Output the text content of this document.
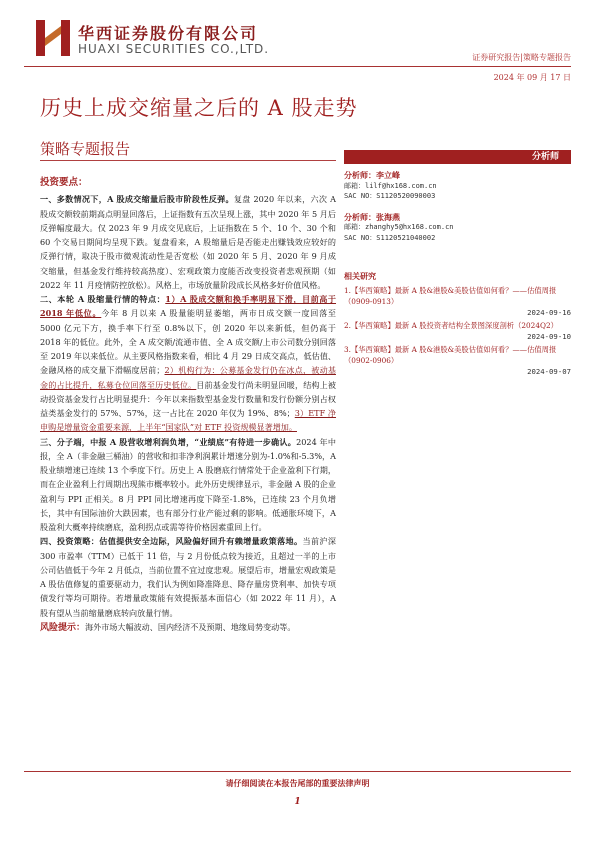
华西证券股份有限公司
HUAXI SECURITIES CO.,LTD.
证券研究报告|策略专题报告
2024 年 09 月 17 日
历史上成交缩量之后的 A 股走势
策略专题报告
投资要点：

一、多数情况下，A 股成交缩量后股市阶段性反弹。复盘 2020 年以来，六次 A 股成交额较前期高点明显回落后，上证指数有五次呈现上涨，其中 2020 年 5 月后反弹幅度最大。仅 2023 年 9 月成交见底后，上证指数在 5 个、10 个、30 个和 60 个交易日期间均呈现下跌。复盘看来，A 股缩量后是否能走出赚钱效应较好的反弹行情，取决于股市微观流动性是否宽松（如 2020 年 5 月、2020 年 9 月成交缩量，但基金发行维持较高热度）、宏观政策力度能否改变投资者悲观预期（如 2022 年 11 月疫情防控放松）。风格上，市场放量阶段成长风格多好价值风格。

二、本轮 A 股缩量行情的特点：1）A 股成交额和换手率明显下滑，目前高于 2018 年低位。今年 8 月以来 A 股量能明显萎缩，两市日成交额一度回落至 5000 亿元下方，换手率下行至 0.8%以下，创 2020 年以来新低，但仍高于 2018 年的低位。此外，全 A 成交额/流通市值、全 A 成交额/上市公司数分别回落至 2019 年以来低位。从主要风格指数来看，相比 4 月 29 日成交高点，低估值、金融风格的成交量下滑幅度居前；2）机构行为：公募基金发行仍在冰点，被动基金的占比提升，私募仓位回落至历史低位。目前基金发行尚未明显回暖，结构上被动投资基金发行占比明显提升：今年以来指数型基金发行数量和发行份额分别占权益类基金发行的 57%、57%，这一占比在 2020 年仅为 19%、8%；3）ETF 净申购是增量资金重要来源，上半年“国家队”对 ETF 投资规模显著增加。

三、分子端，中报 A 股营收增利润负增，“业绩底”有待进一步确认。2024 年中报，全 A（非金融三桶油）的营收和扣非净利润累计增速分别为-1.0%和-5.3%，A 股业绩增速已连续 13 个季度下行。历史上 A 股磨底行情常处于企业盈利下行期，而在企业盈利上行周期出现熊市概率较小。此外历史规律显示，非金融 A 股的企业盈利与 PPI 正相关。8 月 PPI 同比增速再度下降至-1.8%，已连续 23 个月负增长，其中有国际油价大跌因素，也有部分行业产能过剩的影响。低通胀环境下，A 股盈利大概率持续磨底，盈利拐点或需等待价格因素重回上行。

四、投资策略：估值提供安全边际，风险偏好回升有赖增量政策落地。当前沪深 300 市盈率（TTM）已低于 11 倍，与 2 月份低点较为接近，且超过一半的上市公司估值低于今年 2 月低点，当前位置不宜过度悲观。展望后市，增量宏观政策是 A 股估值修复的重要驱动力，我们认为例如降准降息、降存量房贷利率、加快专项债发行等均可期待。若增量政策能有效提振基本面信心（如 2022 年 11 月），A 股有望从当前缩量磨底转向放量行情。

风险提示：海外市场大幅波动、国内经济不及预期、地缘局势变动等。

分析师
分析师：李立峰
邮箱：lilf@hx168.com.cn
SAC NO：S1120520090003
分析师：张海燕
邮箱：zhanghy5@hx168.com.cn
SAC NO：S1120521040002
相关研究
1.【华西策略】最新 A 股&港股&美股估值如何看？——估值周报（0909-0913）
2024-09-16
2.【华西策略】最新 A 股投资者结构全景图深度剖析（2024Q2）
2024-09-10
3.【华西策略】最新 A 股&港股&美股估值如何看？——估值周报（0902-0906）
2024-09-07
请仔细阅读在本报告尾部的重要法律声明
1
